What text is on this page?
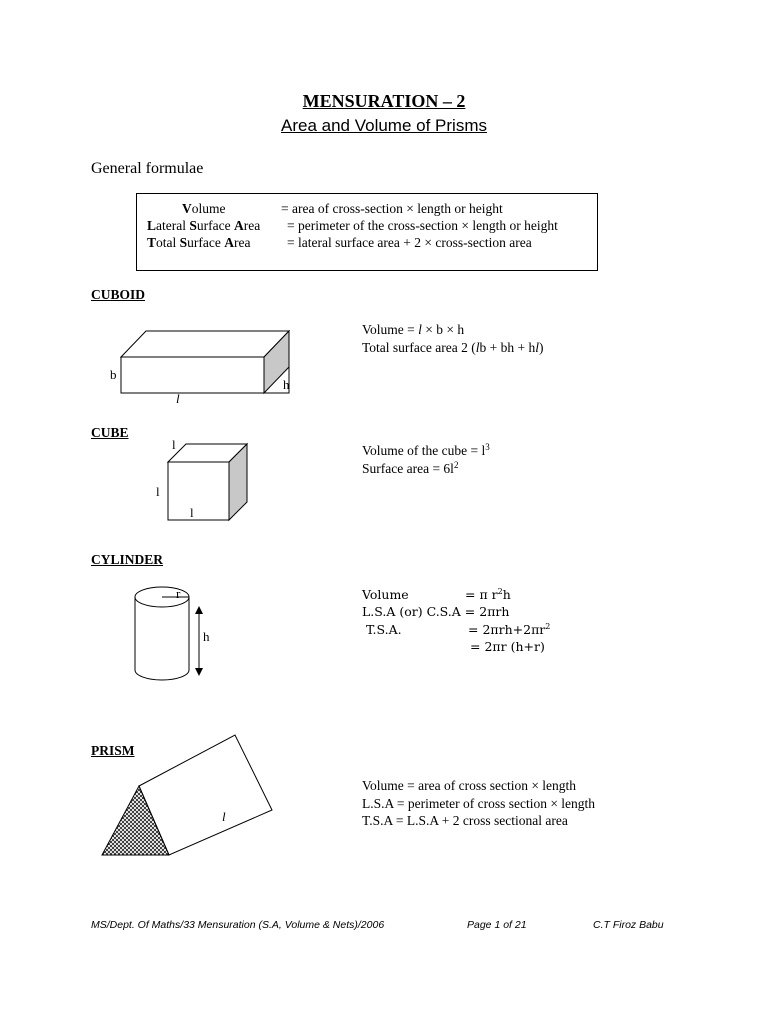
MENSURATION – 2
Area and Volume of Prisms
General formulae
Volume	= area of cross-section × length or height
Lateral Surface Area = perimeter of the cross-section × length or height
Total Surface Area	= lateral surface area + 2 × cross-section area
CUBOID
b
l
h
Volume = l × b × h
Total surface area 2 (lb + bh + hl)
CUBE
l
l
l
Volume of the cube = $l^3$
Surface area = $6l^2$
CYLINDER
r
h
Volume	= π $r^2h$
L.S.A (or) C.S.A = 2πrh
T.S.A.	= $2\pi rh+2\pi r^2$
= 2πr (h+r)
PRISM
l
Volume = area of cross section × length
L.S.A = perimeter of cross section × length
T.S.A = L.S.A + 2 cross sectional area
MS/Dept. Of Maths/33 Mensuration (S.A, Volume & Nets)/2006	Page 1 of 21	C.T Firoz Babu
